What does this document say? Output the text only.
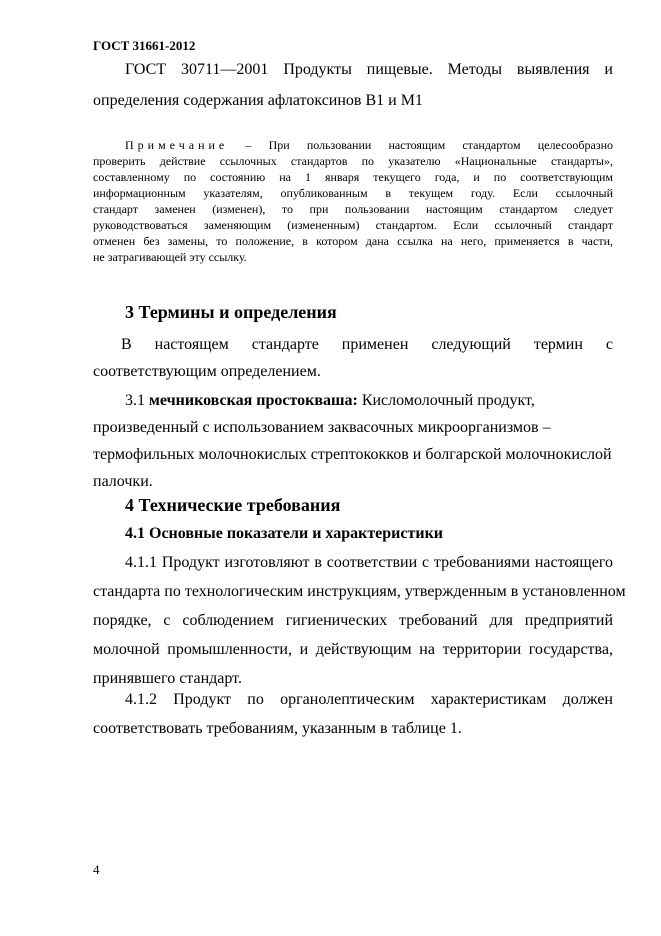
ГОСТ 31661-2012
ГОСТ 30711—2001 Продукты пищевые. Методы выявления и
определения содержания афлатоксинов В1 и М1
Примечание – При пользовании настоящим стандартом целесообразно
проверить действие ссылочных стандартов по указателю «Национальные стандарты»,
составленному по состоянию на 1 января текущего года, и по соответствующим
информационным указателям, опубликованным в текущем году. Если ссылочный
стандарт заменен (изменен), то при пользовании настоящим стандартом следует
руководствоваться заменяющим (измененным) стандартом. Если ссылочный стандарт
отменен без замены, то положение, в котором дана ссылка на него, применяется в части,
не затрагивающей эту ссылку.
3 Термины и определения
В настоящем стандарте применен следующий термин с
соответствующим определением.
3.1 мечниковская простокваша: Кисломолочный продукт,
произведенный с использованием заквасочных микроорганизмов –
термофильных молочнокислых стрептококков и болгарской молочнокислой
палочки.
4 Технические требования
4.1 Основные показатели и характеристики
4.1.1 Продукт изготовляют в соответствии с требованиями настоящего
стандарта по технологическим инструкциям, утвержденным в установленном
порядке, с соблюдением гигиенических требований для предприятий
молочной промышленности, и действующим на территории государства,
принявшего стандарт.
4.1.2 Продукт по органолептическим характеристикам должен
соответствовать требованиям, указанным в таблице 1.
4
